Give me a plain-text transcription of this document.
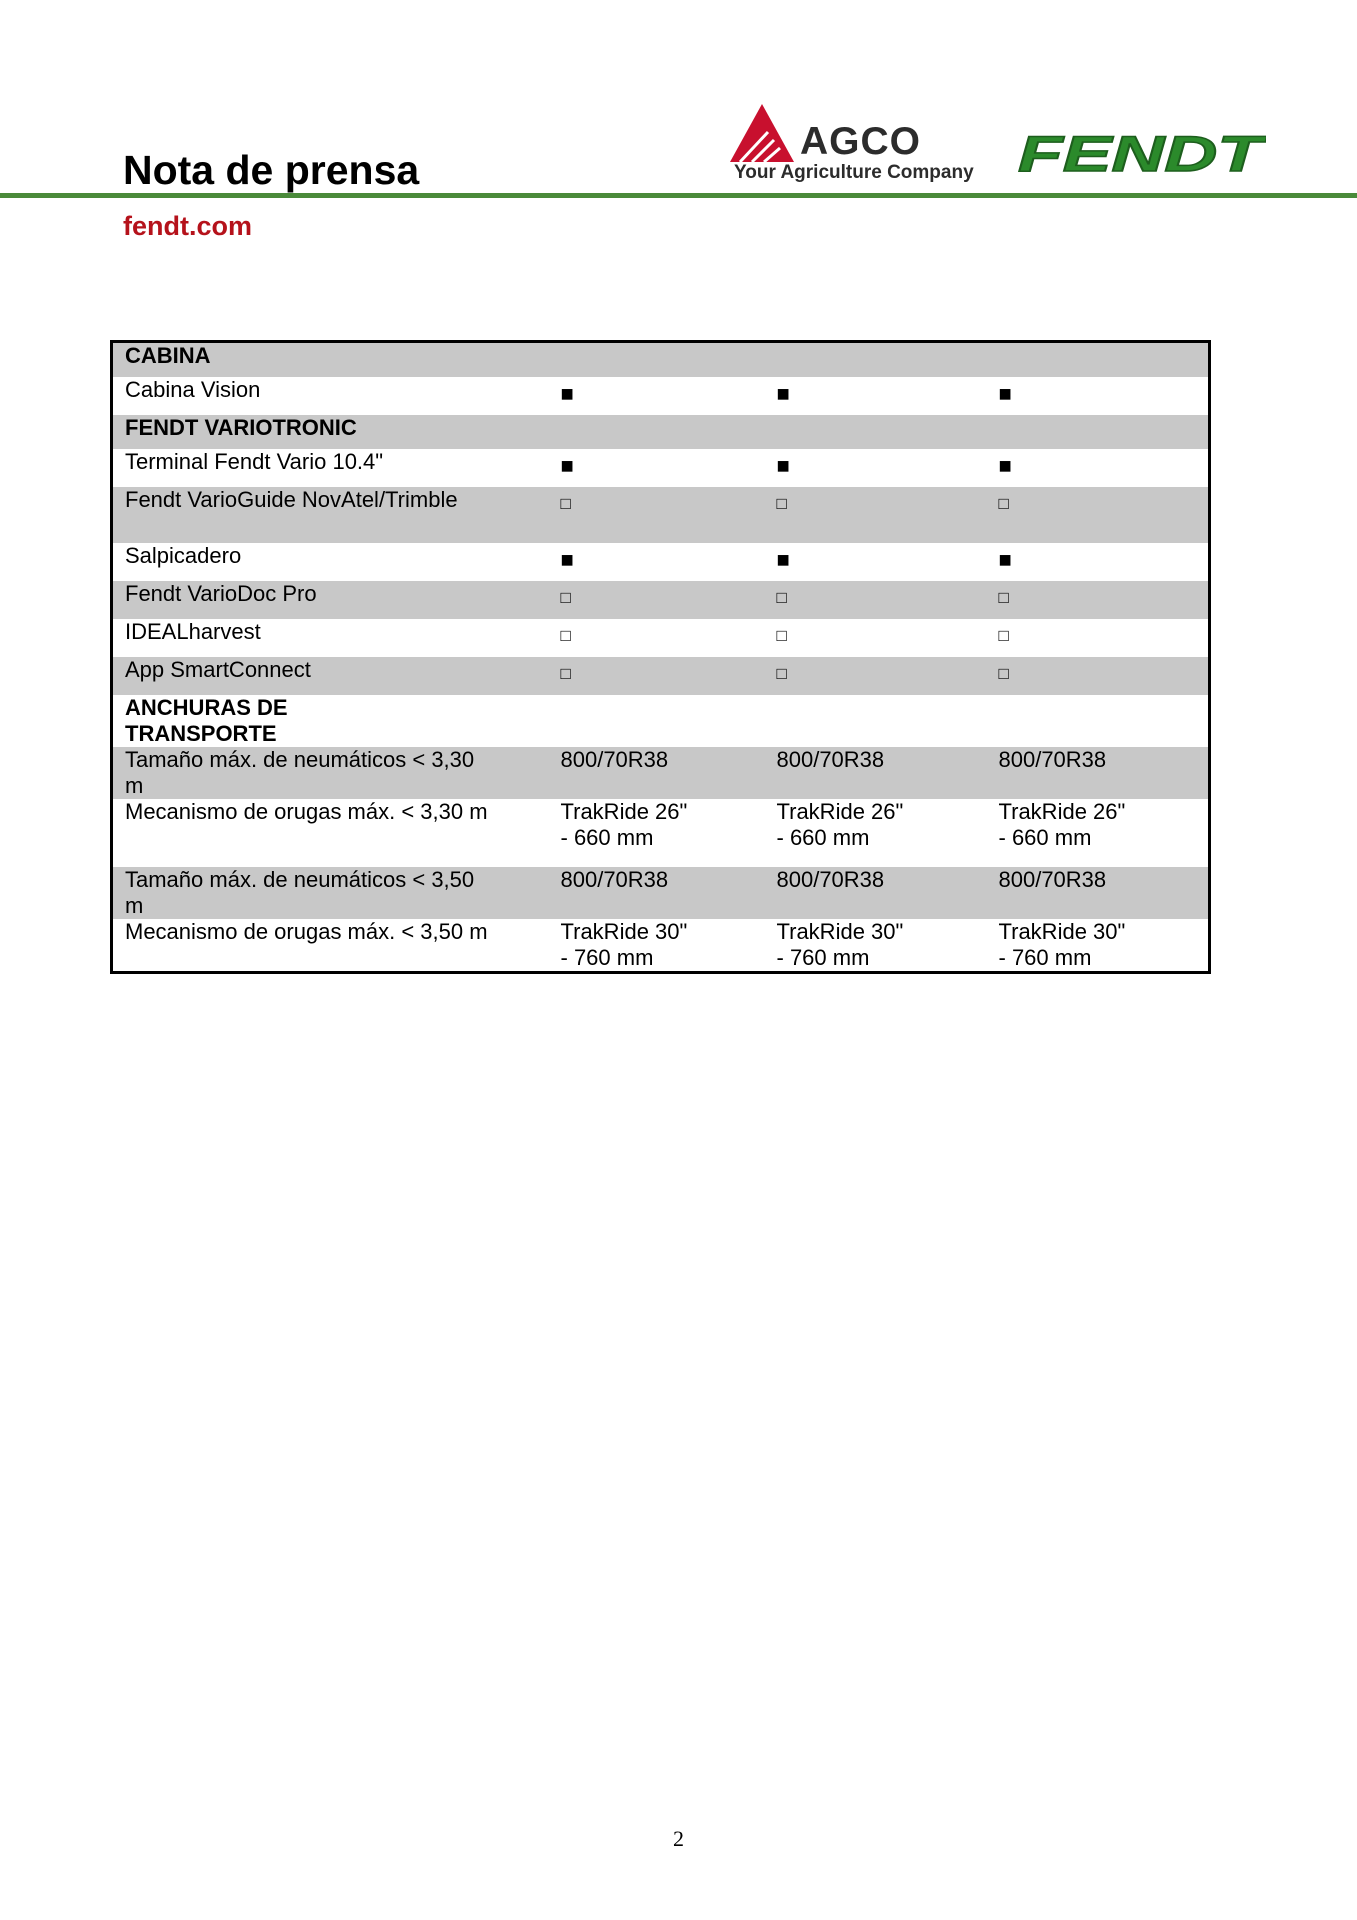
Nota de prensa
AGCO
Your Agriculture Company FENDT
fendt.com
CABINA			
Cabina Vision	■	■	■
FENDT VARIOTRONIC			
Terminal Fendt Vario 10.4"	■	■	■
Fendt VarioGuide NovAtel/Trimble	□	□	□
Salpicadero	■	■	■
Fendt VarioDoc Pro	□	□	□
IDEALharvest	□	□	□
App SmartConnect	□	□	□
ANCHURAS DE TRANSPORTE			
Tamaño máx. de neumáticos < 3,30 m	800/70R38	800/70R38	800/70R38
Mecanismo de orugas máx. < 3,30 m	TrakRide 26" - 660 mm	TrakRide 26" - 660 mm	TrakRide 26" - 660 mm
Tamaño máx. de neumáticos < 3,50 m	800/70R38	800/70R38	800/70R38
Mecanismo de orugas máx. < 3,50 m	TrakRide 30" - 760 mm	TrakRide 30" - 760 mm	TrakRide 30" - 760 mm
2
